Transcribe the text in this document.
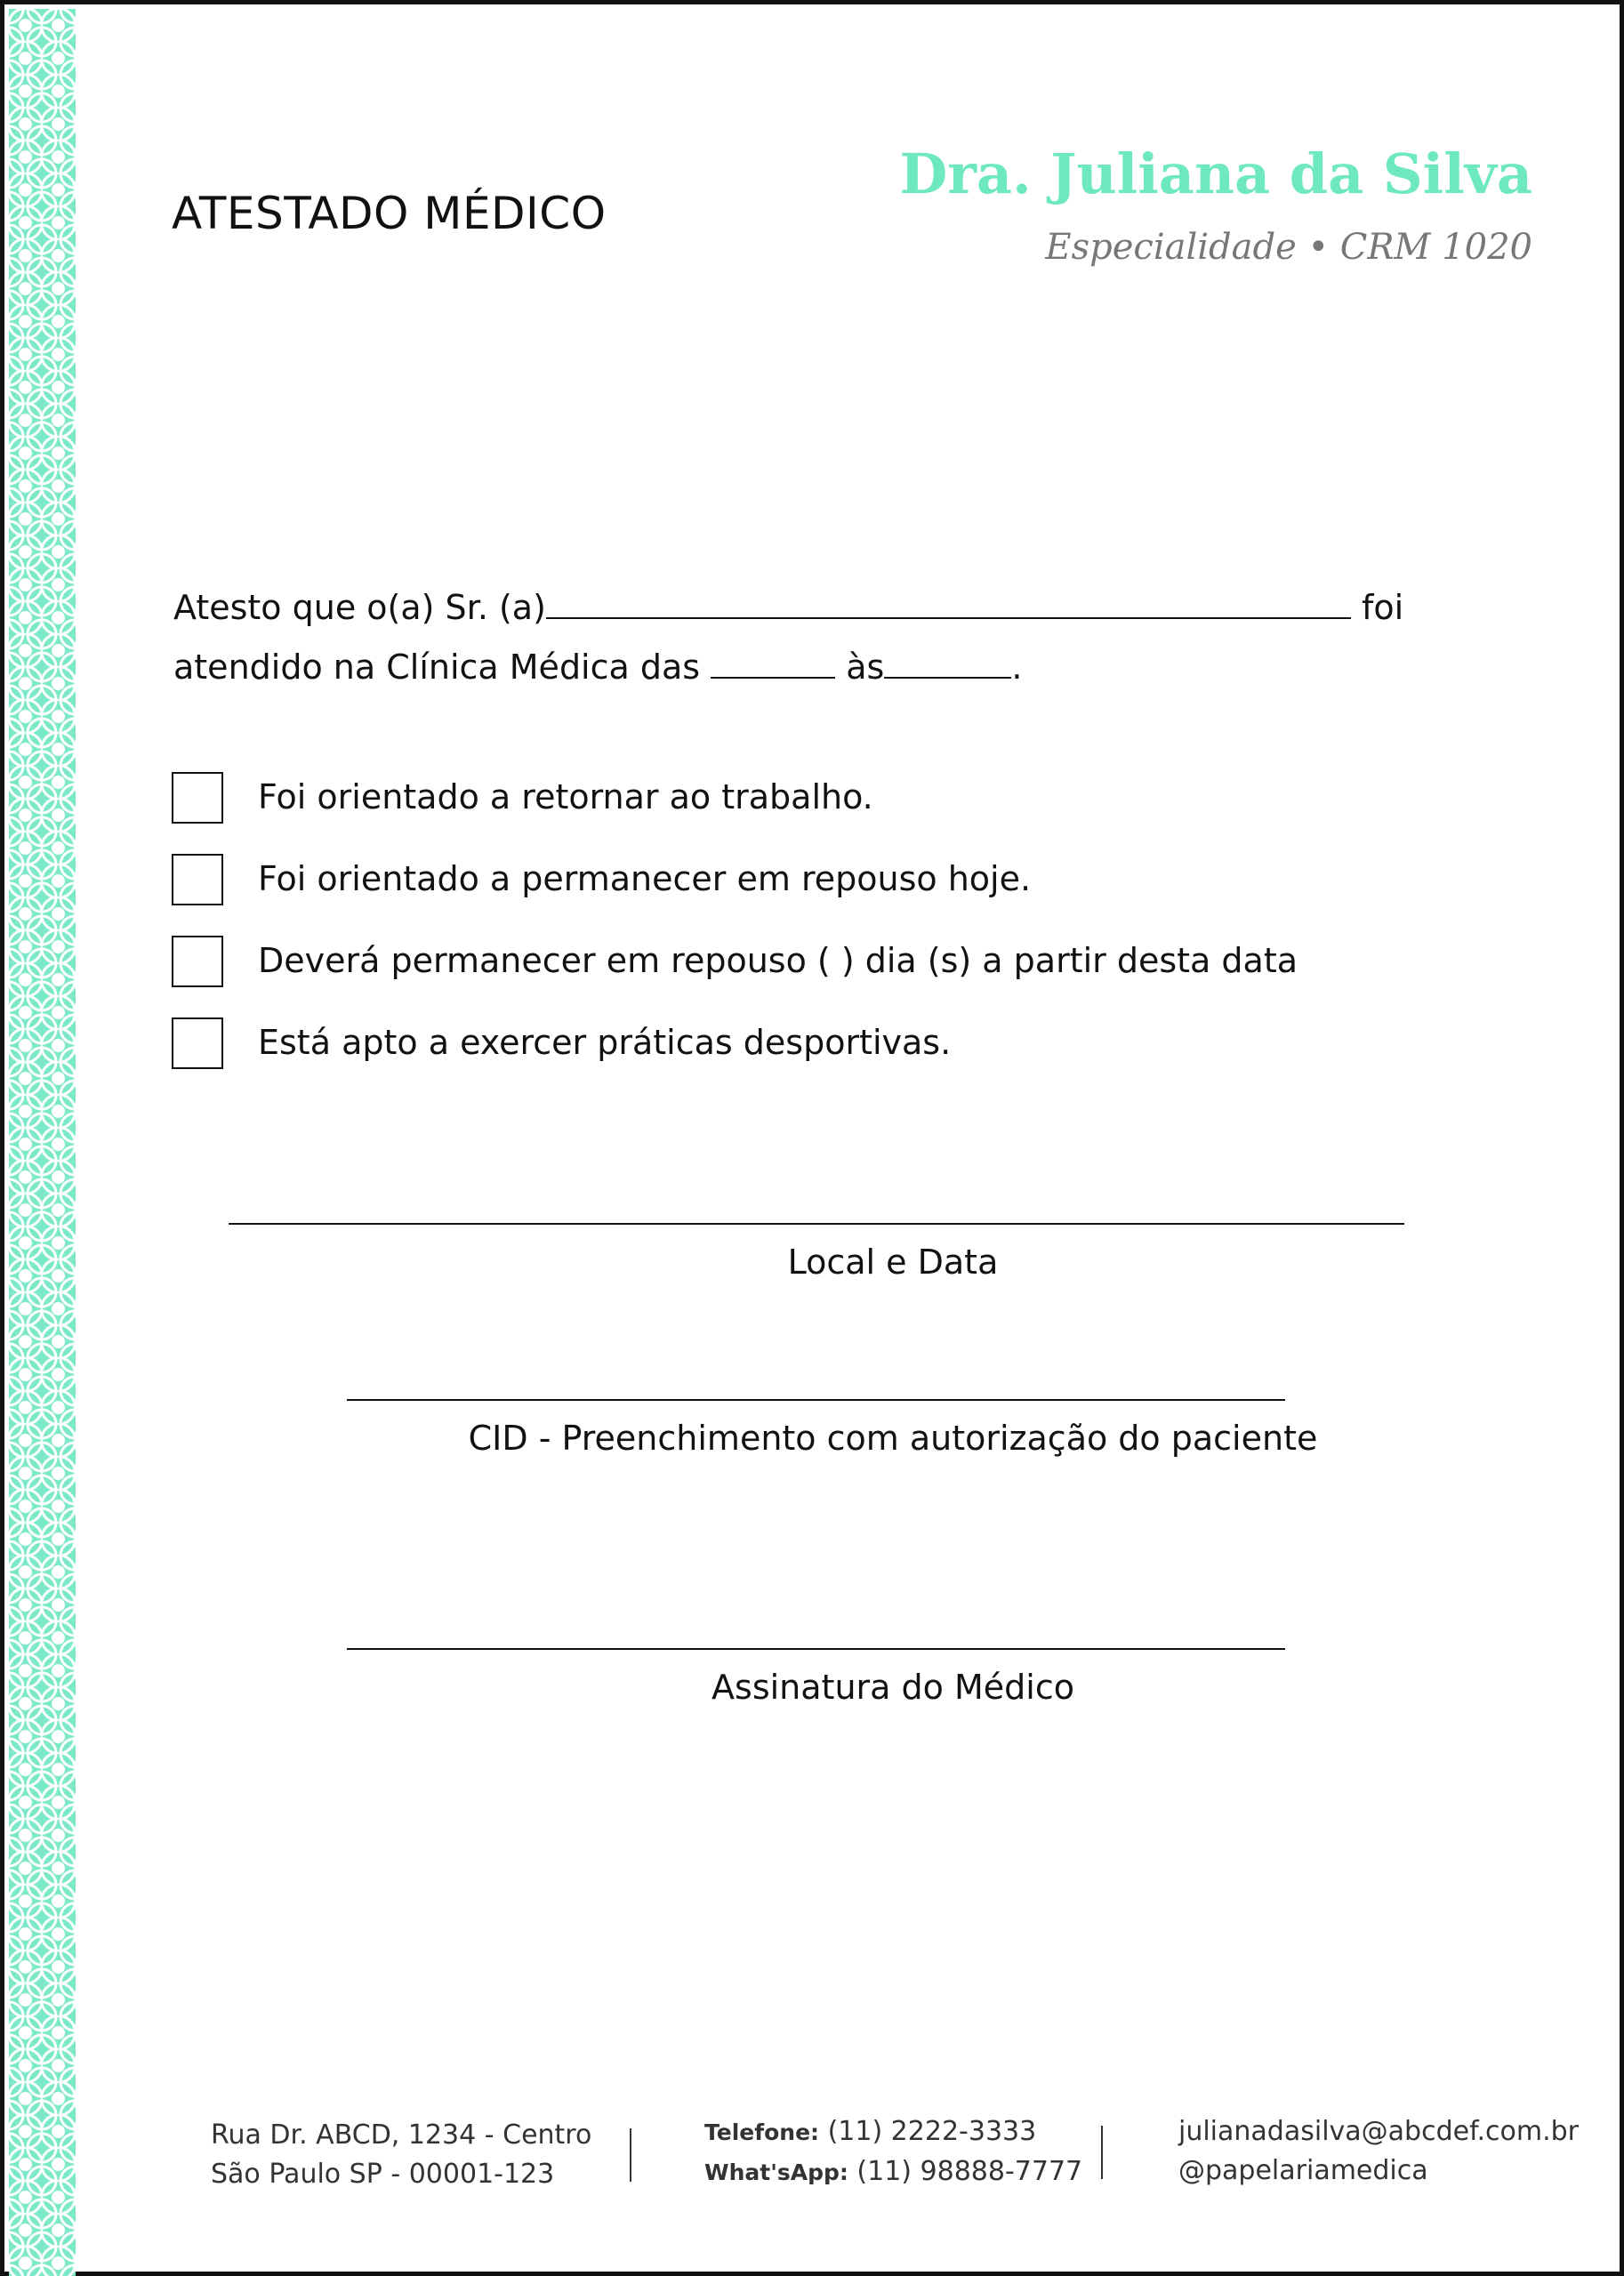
ATESTADO MÉDICO
Dra. Juliana da Silva
Especialidade • CRM 1020
Atesto que o(a) Sr. (a)	foi
atendido na Clínica Médica das	às	.
Foi orientado a retornar ao trabalho.
Foi orientado a permanecer em repouso hoje.
Deverá permanecer em repouso ( ) dia (s) a partir desta data
Está apto a exercer práticas desportivas.
Local e Data
CID - Preenchimento com autorização do paciente
Assinatura do Médico
Rua Dr. ABCD, 1234 - Centro
São Paulo SP - 00001-123
Telefone: (11) 2222-3333
What'sApp: (11) 98888-7777
julianadasilva@abcdef.com.br
@papelariamedica
